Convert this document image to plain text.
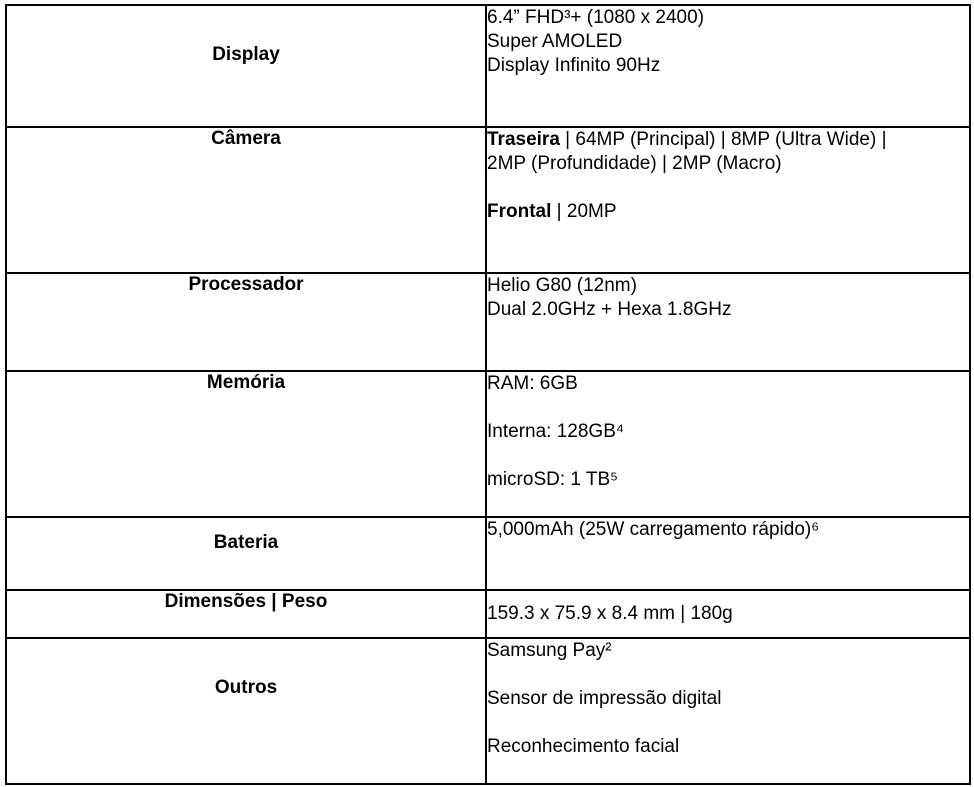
Display	6.4” FHD³+ (1080 x 2400)
Super AMOLED
Display Infinito 90Hz

Câmera	Traseira | 64MP (Principal) | 8MP (Ultra Wide) |
2MP (Profundidade) | 2MP (Macro)
Frontal | 20MP

Processador	Helio G80 (12nm)
Dual 2.0GHz + Hexa 1.8GHz

Memória	RAM: 6GB
Interna: 128GB⁴
microSD: 1 TB⁵

Bateria	5,000mAh (25W carregamento rápido)⁶

Dimensões | Peso	159.3 x 75.9 x 8.4 mm | 180g

Outros	Samsung Pay²
Sensor de impressão digital
Reconhecimento facial
